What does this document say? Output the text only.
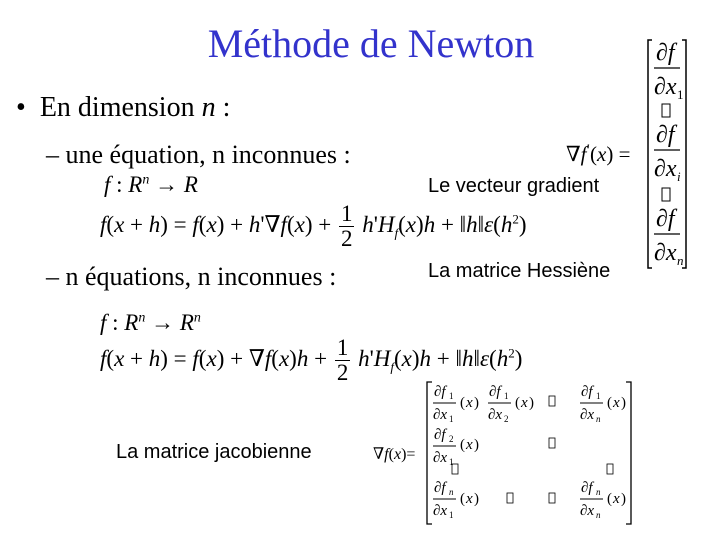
Méthode de Newton
• En dimension n :
– une équation, n inconnues :
f : $R^n \to R$
$f(x + h) = f(x) + h'\nabla f(x) + \frac{1}{2} h'H_f(x)h$ + $‖h‖\varepsilon(h^2)$
– n équations, n inconnues :
f : $R^n \to R^n$
$f(x + h) = f(x) + \nabla f(x)h + \frac{1}{2} h'H_f(x)h$ + $‖h‖\varepsilon(h^2)$
Le vecteur gradient
La matrice Hessiène
La matrice jacobienne
∇f′(x) =
∂f
∂x 1
∂f
∂x i
∂f
∂x n
∇f(x)=
∂f 1
∂x 1
( x )
∂f 1
∂x 2
( x )
∂f 1
∂x n
( x )
∂f 2
∂x 1
( x )
∂f n
∂x 1
( x )
∂f n
∂x n
( x )
